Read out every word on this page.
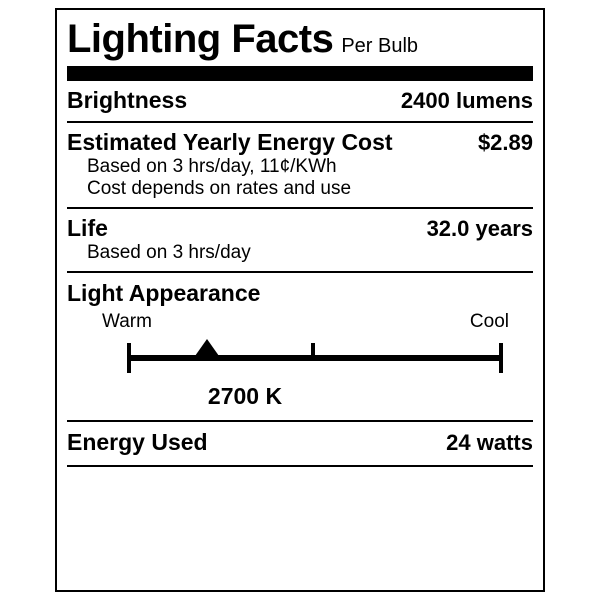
Lighting Facts Per Bulb
Brightness	2400 lumens
Estimated Yearly Energy Cost	$2.89
Based on 3 hrs/day, 11¢/KWh
Cost depends on rates and use
Life	32.0 years
Based on 3 hrs/day
Light Appearance
Warm	Cool
2700 K
Energy Used	24 watts
